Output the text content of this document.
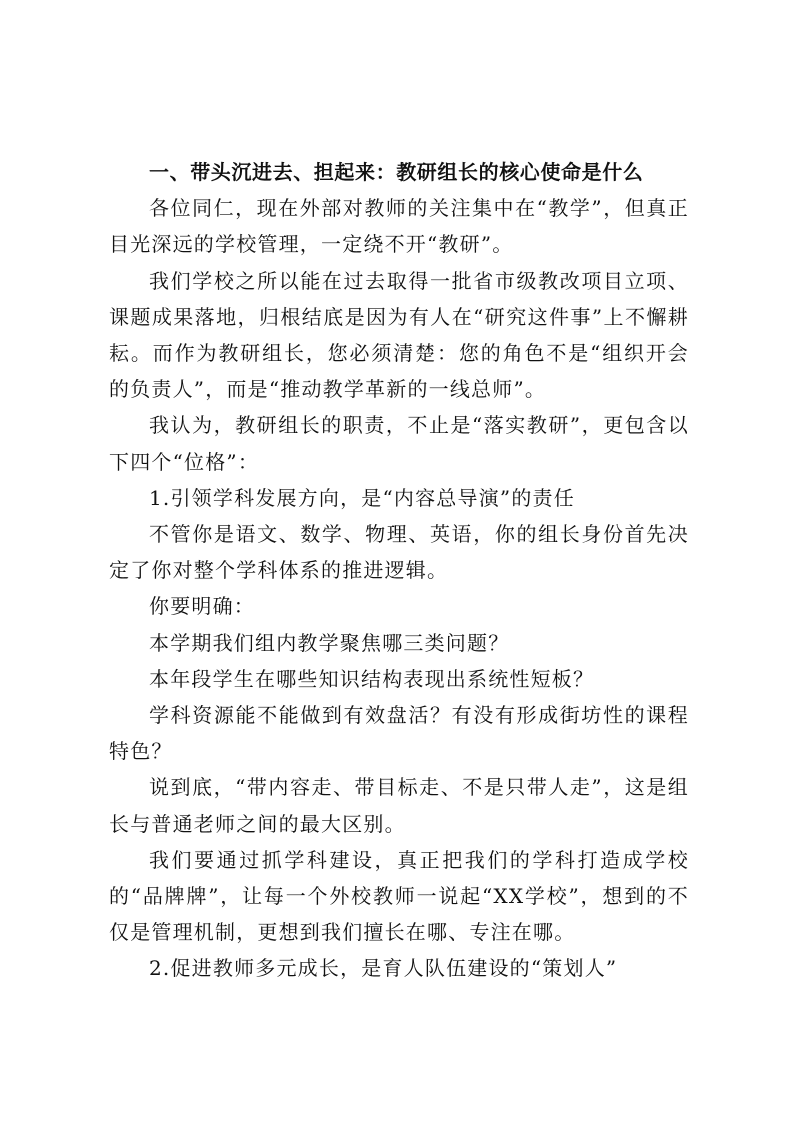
一、带头沉进去、担起来：教研组长的核心使命是什么

各位同仁，现在外部对教师的关注集中在“教学”，但真正目光深远的学校管理，一定绕不开“教研”。

我们学校之所以能在过去取得一批省市级教改项目立项、课题成果落地，归根结底是因为有人在“研究这件事”上不懈耕耘。而作为教研组长，您必须清楚：您的角色不是“组织开会的负责人”，而是“推动教学革新的一线总师”。

我认为，教研组长的职责，不止是“落实教研”，更包含以下四个“位格”：

1.引领学科发展方向，是“内容总导演”的责任

不管你是语文、数学、物理、英语，你的组长身份首先决定了你对整个学科体系的推进逻辑。

你要明确：

本学期我们组内教学聚焦哪三类问题？

本年段学生在哪些知识结构表现出系统性短板？

学科资源能不能做到有效盘活？有没有形成街坊性的课程特色？

说到底，“带内容走、带目标走、不是只带人走”，这是组长与普通老师之间的最大区别。

我们要通过抓学科建设，真正把我们的学科打造成学校的“品牌牌”，让每一个外校教师一说起“XX学校”，想到的不仅是管理机制，更想到我们擅长在哪、专注在哪。

2.促进教师多元成长，是育人队伍建设的“策划人”
